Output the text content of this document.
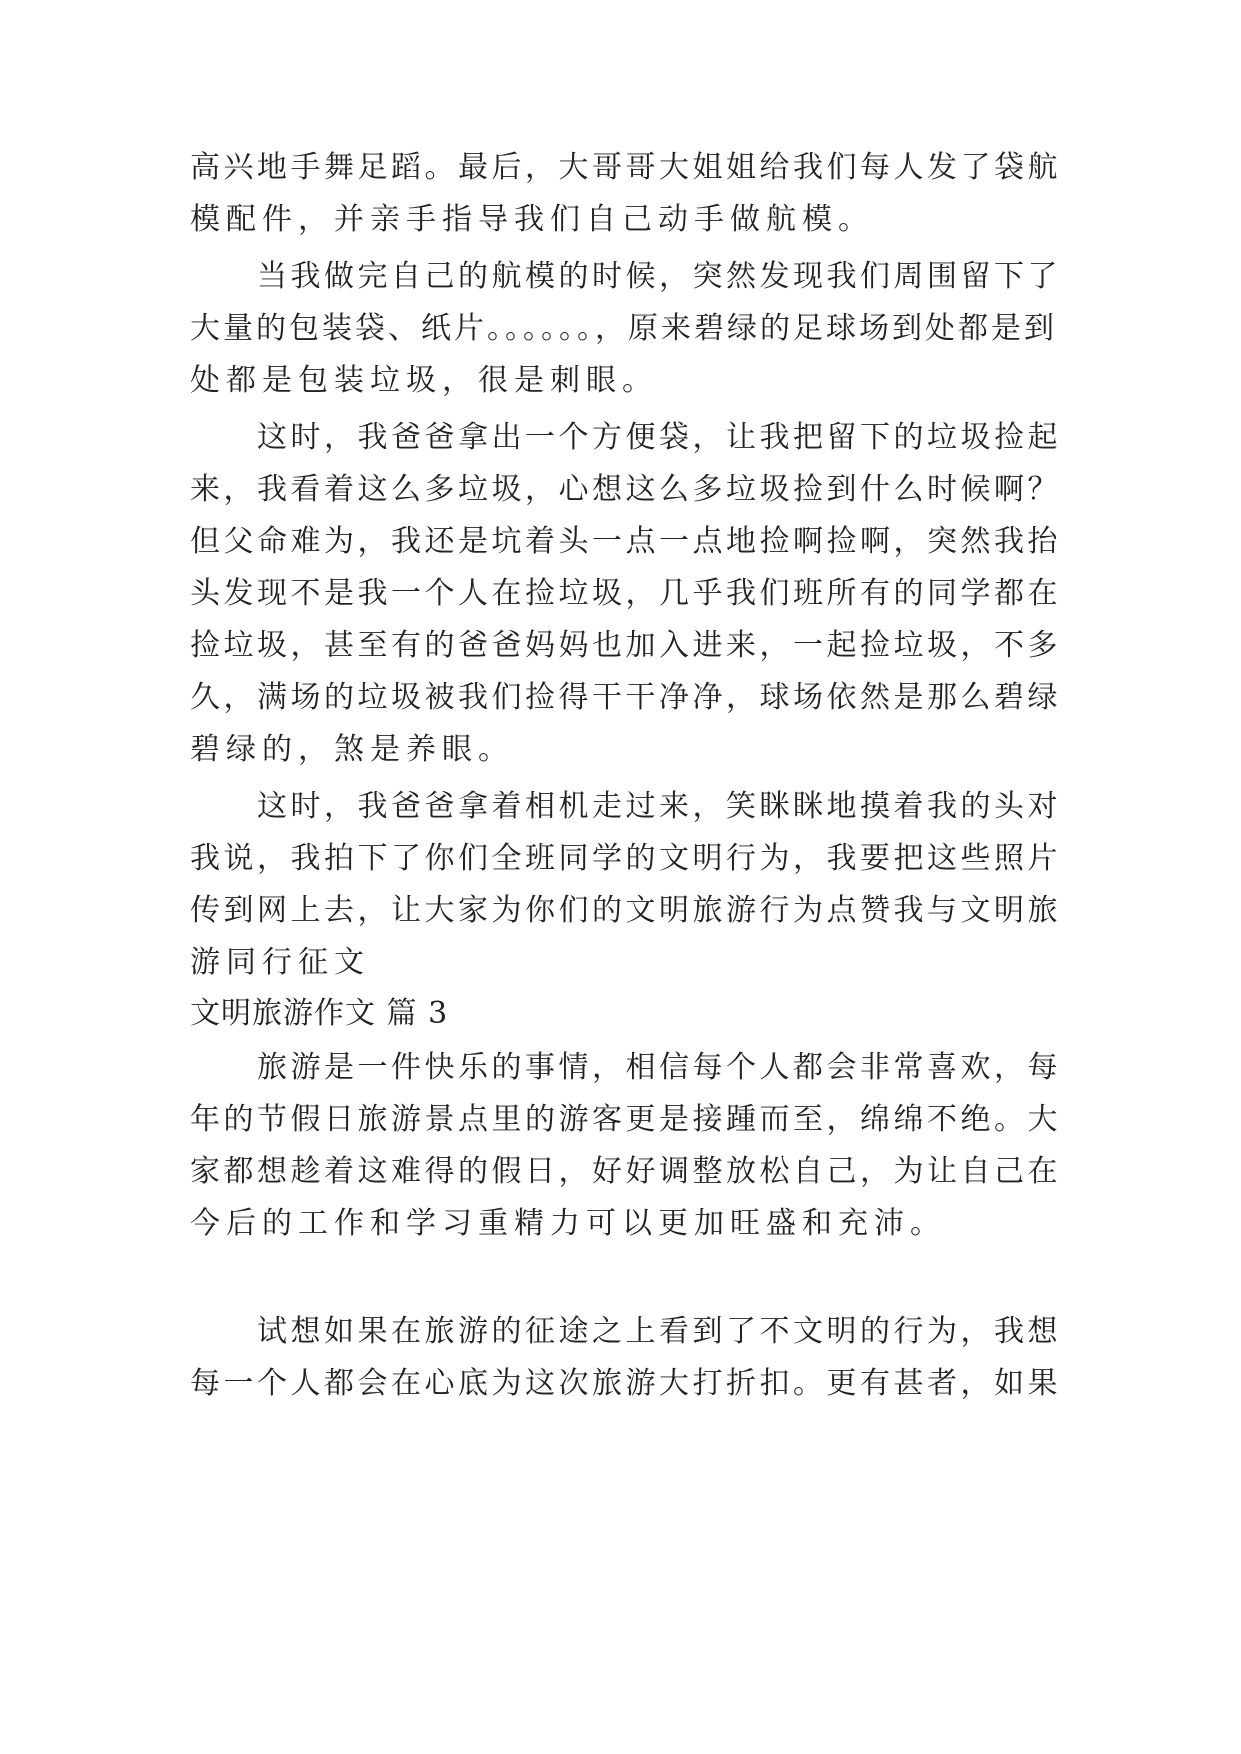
高兴地手舞足蹈。最后，大哥哥大姐姐给我们每人发了袋航
模配件，并亲手指导我们自己动手做航模。
　　当我做完自己的航模的时候，突然发现我们周围留下了
大量的包装袋、纸片。。。。。。，原来碧绿的足球场到处都是到
处都是包装垃圾，很是刺眼。
　　这时，我爸爸拿出一个方便袋，让我把留下的垃圾捡起
来，我看着这么多垃圾，心想这么多垃圾捡到什么时候啊？
但父命难为，我还是坑着头一点一点地捡啊捡啊，突然我抬
头发现不是我一个人在捡垃圾，几乎我们班所有的同学都在
捡垃圾，甚至有的爸爸妈妈也加入进来，一起捡垃圾，不多
久，满场的垃圾被我们捡得干干净净，球场依然是那么碧绿
碧绿的，煞是养眼。
　　这时，我爸爸拿着相机走过来，笑眯眯地摸着我的头对
我说，我拍下了你们全班同学的文明行为，我要把这些照片
传到网上去，让大家为你们的文明旅游行为点赞我与文明旅
游同行征文
文明旅游作文 篇 3
　　旅游是一件快乐的事情，相信每个人都会非常喜欢，每
年的节假日旅游景点里的游客更是接踵而至，绵绵不绝。大
家都想趁着这难得的假日，好好调整放松自己，为让自己在
今后的工作和学习重精力可以更加旺盛和充沛。
　　试想如果在旅游的征途之上看到了不文明的行为，我想
每一个人都会在心底为这次旅游大打折扣。更有甚者，如果
